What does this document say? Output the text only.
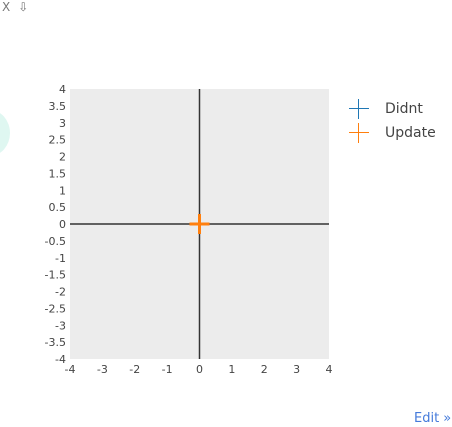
X ⇩
4
3.5
3
2.5
2
1.5
1
0.5
0
-0.5
-1
-1.5
-2
-2.5
-3
-3.5
-4
-4 -3 -2 -1 0 1 2 3 4
Didnt
Update
Edit »
